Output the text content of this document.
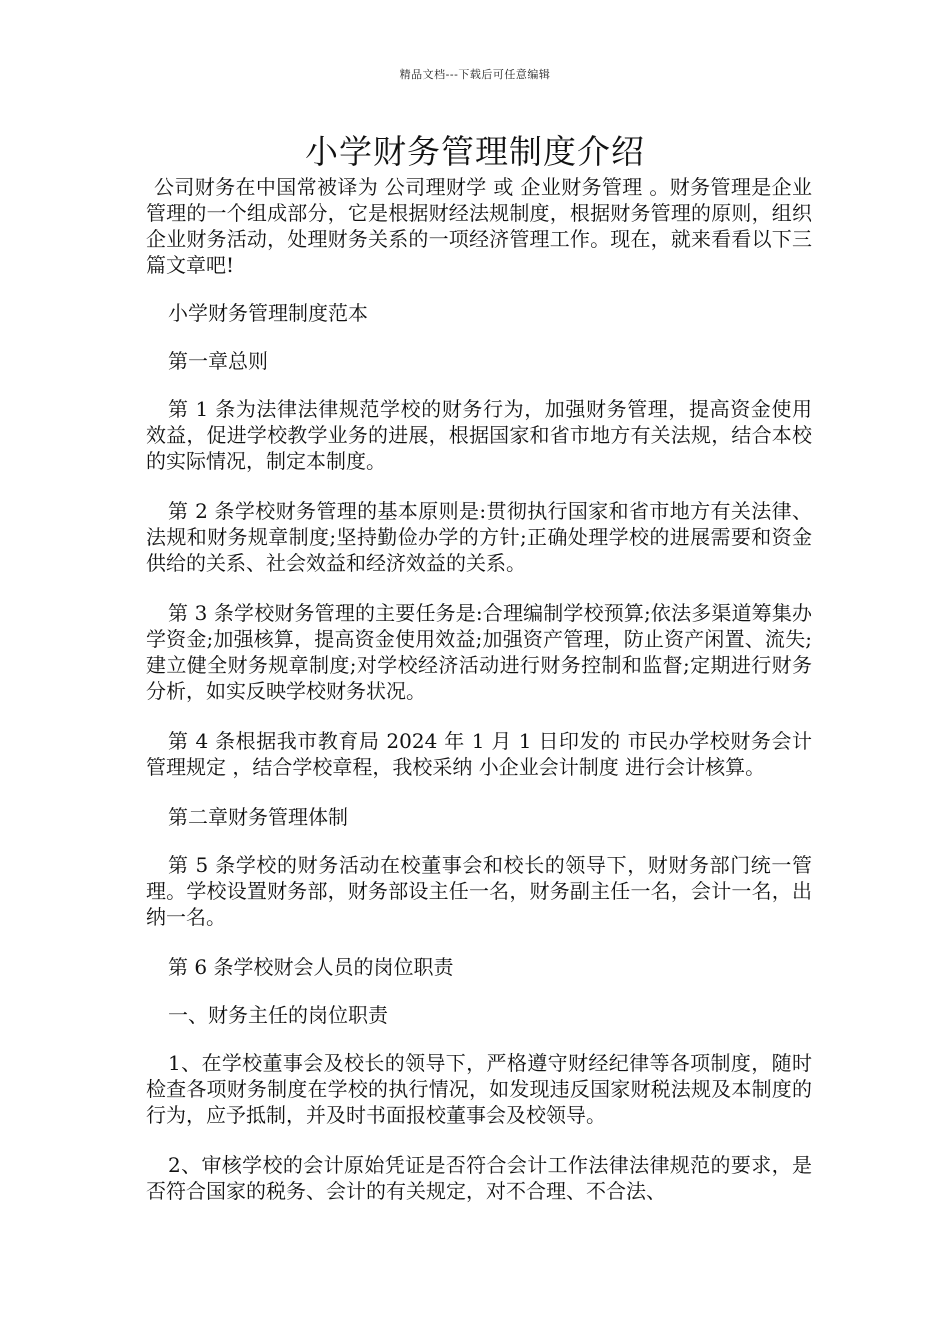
精品文档---下载后可任意编辑
小学财务管理制度介绍

公司财务在中国常被译为 公司理财学 或 企业财务管理 。财务管理是企业管理的一个组成部分，它是根据财经法规制度，根据财务管理的原则，组织企业财务活动，处理财务关系的一项经济管理工作。现在，就来看看以下三篇文章吧!

小学财务管理制度范本

第一章总则

第 1 条为法律法律规范学校的财务行为，加强财务管理，提高资金使用效益，促进学校教学业务的进展，根据国家和省市地方有关法规，结合本校的实际情况，制定本制度。

第 2 条学校财务管理的基本原则是:贯彻执行国家和省市地方有关法律、法规和财务规章制度;坚持勤俭办学的方针;正确处理学校的进展需要和资金供给的关系、社会效益和经济效益的关系。

第 3 条学校财务管理的主要任务是:合理编制学校预算;依法多渠道筹集办学资金;加强核算，提高资金使用效益;加强资产管理，防止资产闲置、流失;建立健全财务规章制度;对学校经济活动进行财务控制和监督;定期进行财务分析，如实反映学校财务状况。

第 4 条根据我市教育局 2024 年 1 月 1 日印发的 市民办学校财务会计管理规定 ，结合学校章程，我校采纳 小企业会计制度 进行会计核算。

第二章财务管理体制

第 5 条学校的财务活动在校董事会和校长的领导下，财财务部门统一管理。学校设置财务部，财务部设主任一名，财务副主任一名，会计一名，出纳一名。

第 6 条学校财会人员的岗位职责

一、财务主任的岗位职责

1、在学校董事会及校长的领导下，严格遵守财经纪律等各项制度，随时检查各项财务制度在学校的执行情况，如发现违反国家财税法规及本制度的行为，应予抵制，并及时书面报校董事会及校领导。

2、审核学校的会计原始凭证是否符合会计工作法律法律规范的要求，是否符合国家的税务、会计的有关规定，对不合理、不合法、
